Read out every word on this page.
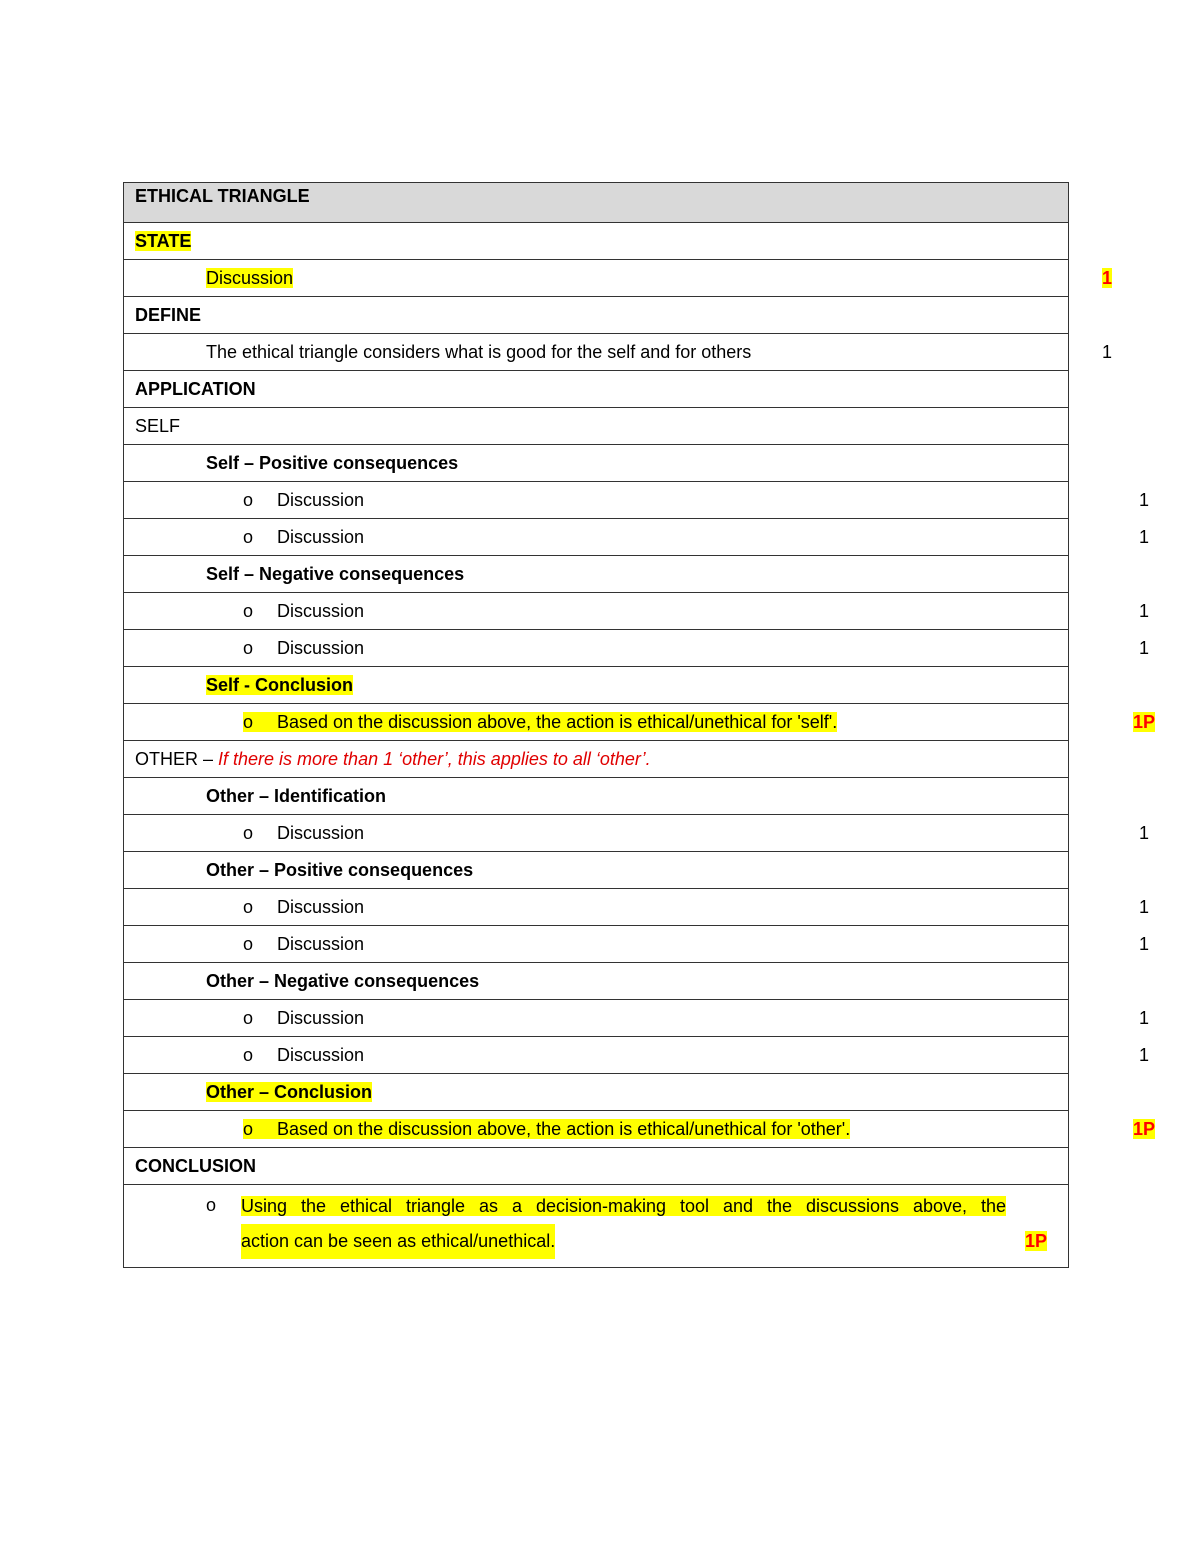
ETHICAL TRIANGLE
STATE

Discussion	1

DEFINE

The ethical triangle considers what is good for the self and for others	1

APPLICATION
SELF

Self – Positive consequences

o	Discussion	1

o	Discussion	1

Self – Negative consequences

o	Discussion	1

o	Discussion	1

Self - Conclusion

o Based on the discussion above, the action is ethical/unethical for 'self'.	1P

OTHER – If there is more than 1 ‘other’, this applies to all ‘other’.

Other – Identification

o	Discussion	1

Other – Positive consequences

o	Discussion	1

o	Discussion	1

Other – Negative consequences

o	Discussion	1

o	Discussion	1

Other – Conclusion

o Based on the discussion above, the action is ethical/unethical for 'other'.	1P

CONCLUSION

o	Using the ethical triangle as a decision-making tool and the discussions above, the
action can be seen as ethical/unethical.	1P
